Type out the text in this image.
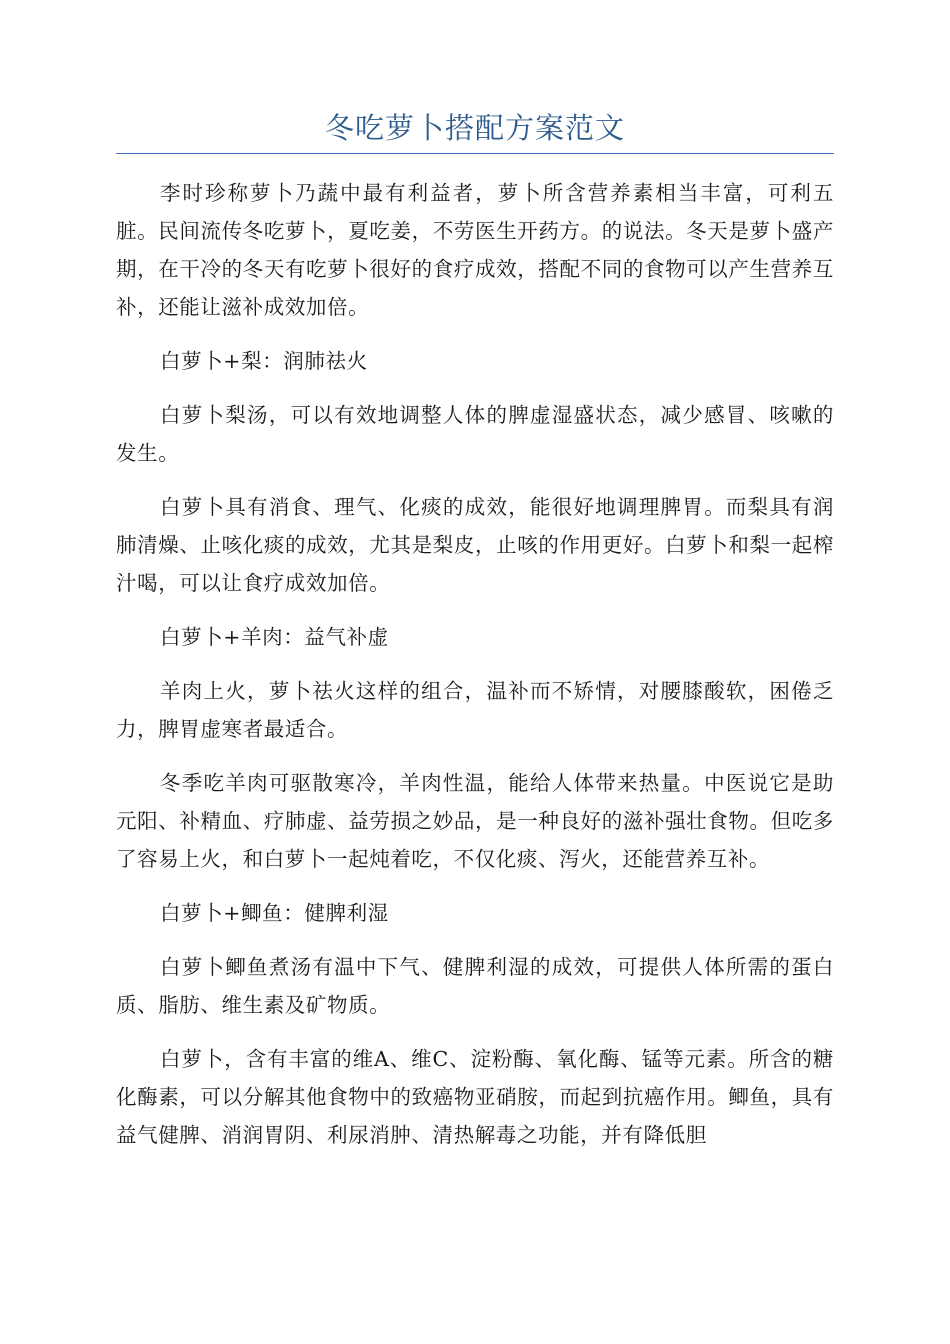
冬吃萝卜搭配方案范文

李时珍称萝卜乃蔬中最有利益者，萝卜所含营养素相当丰富，可利五脏。民间流传冬吃萝卜，夏吃姜，不劳医生开药方。的说法。冬天是萝卜盛产期，在干冷的冬天有吃萝卜很好的食疗成效，搭配不同的食物可以产生营养互补，还能让滋补成效加倍。

白萝卜+梨：润肺祛火

白萝卜梨汤，可以有效地调整人体的脾虚湿盛状态，减少感冒、咳嗽的发生。

白萝卜具有消食、理气、化痰的成效，能很好地调理脾胃。而梨具有润肺清燥、止咳化痰的成效，尤其是梨皮，止咳的作用更好。白萝卜和梨一起榨汁喝，可以让食疗成效加倍。

白萝卜+羊肉：益气补虚

羊肉上火，萝卜祛火这样的组合，温补而不矫情，对腰膝酸软，困倦乏力，脾胃虚寒者最适合。

冬季吃羊肉可驱散寒冷，羊肉性温，能给人体带来热量。中医说它是助元阳、补精血、疗肺虚、益劳损之妙品，是一种良好的滋补强壮食物。但吃多了容易上火，和白萝卜一起炖着吃，不仅化痰、泻火，还能营养互补。

白萝卜+鲫鱼：健脾利湿

白萝卜鲫鱼煮汤有温中下气、健脾利湿的成效，可提供人体所需的蛋白质、脂肪、维生素及矿物质。

白萝卜，含有丰富的维A、维C、淀粉酶、氧化酶、锰等元素。所含的糖化酶素，可以分解其他食物中的致癌物亚硝胺，而起到抗癌作用。鲫鱼，具有益气健脾、消润胃阴、利尿消肿、清热解毒之功能，并有降低胆
